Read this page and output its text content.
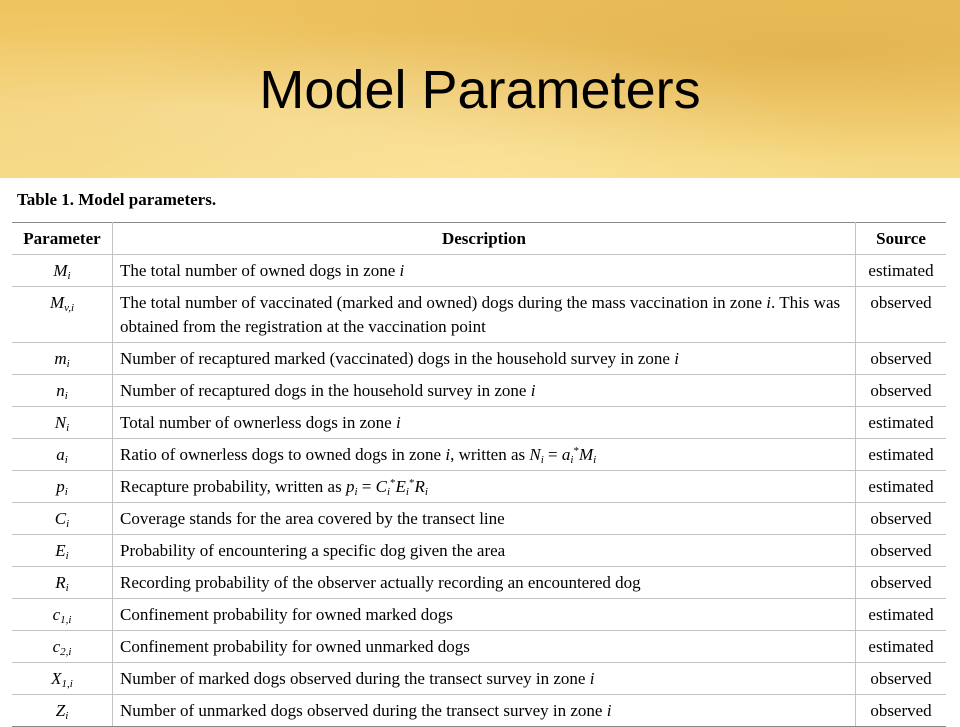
Model Parameters
Table 1. Model parameters.
Parameter	Description	Source
$M_i$	The total number of owned dogs in zone i	estimated
$M_{v,i}$	The total number of vaccinated (marked and owned) dogs during the mass vaccination in zone i. This was obtained from the registration at the vaccination point	observed
$m_i$	Number of recaptured marked (vaccinated) dogs in the household survey in zone i	observed
$n_i$	Number of recaptured dogs in the household survey in zone i	observed
$N_i$	Total number of ownerless dogs in zone i	estimated
$a_i$	Ratio of ownerless dogs to owned dogs in zone i, written as $N_i = a_i^*M_i$	estimated
$p_i$	Recapture probability, written as $p_i = C_i^*E_i^*R_i$	estimated
$C_i$	Coverage stands for the area covered by the transect line	observed
$E_i$	Probability of encountering a specific dog given the area	observed
$R_i$	Recording probability of the observer actually recording an encountered dog	observed
$c_{1,i}$	Confinement probability for owned marked dogs	estimated
$c_{2,i}$	Confinement probability for owned unmarked dogs	estimated
$X_{1,i}$	Number of marked dogs observed during the transect survey in zone i	observed
$Z_i$	Number of unmarked dogs observed during the transect survey in zone i	observed
